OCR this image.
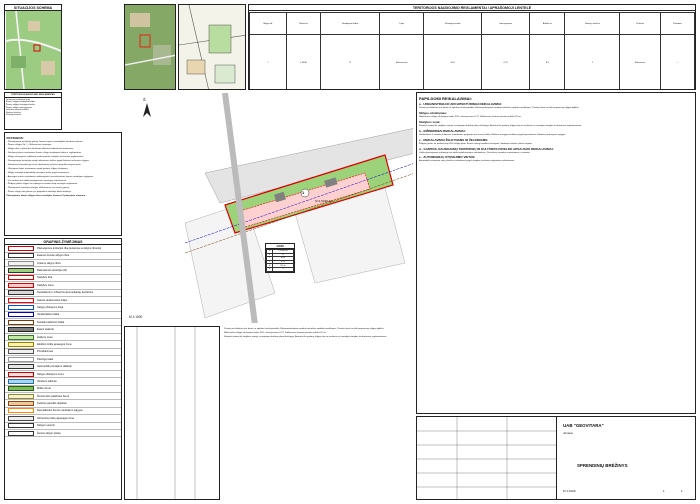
SITUACIJOS SCHEMA
TERITORIJOS NAUDOJIMO REGLAMENTAS
Teritorijos naudojimo tipas
Žemės sklypo naudojimo būdas
Žemės sklypo užstatymo tankis
Žemės sklypo intensyvumas
Leistinas pastatų aukštis
Statinių skaičius
Pastatų paskirtis
PASTABOS:

- Planuojamoje teritorijoje galiojo Jonava rajono savivaldybės bendrasis planas.

- Žemės sklypas Nr. 1 - Rekreacinės teritorijos.

- Sklypo ribos ir plotai bus tikslinami atliekant kadastrinius matavimus.

- Detaliuoju planu nustatomas žemės sklypo naudojimo būdas ir reglamentas.

- Sklypo užstatymas vykdomas vadovaujantis statybos techniniais reglamentais.

- Planuojamoje teritorijoje įrengti inžinerinius tinklus pagal išduotas technines sąlygas.

- Inžinerinių komunikacijų trasos tikslinamos techninio projekto rengimo metu.

- Užstatymo linijos nustatomos pagal gretimų sklypų užstatymą.

- Sklype numatyti automobilių stovėjimo vietas pagal normatyvus.

- Apsaugos zonos nustatomos vadovaujantis specialiosiomis žemės naudojimo sąlygomis.

- Visi statiniai turi atitikti priešgaisrinės apsaugos reikalavimus.

- Želdynų plotas sklype turi sudaryti ne mažiau kaip nustatyta reglamente.

- Planuojamos teritorijos prieigos užtikrinamos nuo esamų gatvių.

- Žemės sklypų ribų planas yra pagrindinis detaliojo plano brėžinys.

Planuojamos žemės sklypo ribos nurodytos Lietuvos Vyriausybės nutarimu.

GRAFINIS ŽYMĖJIMAS
Planuojamos teritorijos riba (sutampa su sklypo ribomis)
Esamos žemės sklypo ribos
Gretimų sklypų ribos
Rekreacinės teritorijos (R)
Statybos riba
Statybos zona
Susisiekimo ir inžinerinių komunikacijų koridorius
Gatvės raudonosios linijos
Sklypų užstatymo linija
Vandentiekio tinklai
Nuotekų šalinimo tinklai
Esami statiniai
Želdynų zona
Elektros tinklų apsaugos zona
Privažiavimas
Pėsčiųjų takai
Automobilių stovėjimo aikštelė
Sklypo užstatymo zona
Vandens telkiniai
Miško žemė
Žemės ūkio paskirties žemė
Kultūros paveldo objektas
Specialiosios žemės naudojimo sąlygos
Inžinerinių tinklų apsaugos zona
Sklypo numeris
Žemės sklypo plotas
TERITORIJOS NAUDOJIMO REGLAMENTAI / APRAŠOMOJI LENTELĖ
Sklypo Nr.	Plotas ha	Naudojimo būdas	Tipas	Užstatymo tankis	Intensyvumas	Aukštis m	Statinių skaičius	Paskirtis	Pastabos
1	1,5436	R	Rekreacinės	50%	0,75	8,5	1	Rekreacinė	—
Š
1
S=1,5436 ha
M 1:1000
1/436
S	1,5436 ha
R	R
T	50%
I	0,75
H	8,5 m
n	1

Pastatų architektūra turi derėti su aplinkos kraštovaizdžiu. Rekomenduojama naudoti natūralias apdailos medžiagas. Pastatų tūriai turi būti proporcingi sklypo dydžiui.

Maksimalus sklypo užstatymo tankis 50%, intensyvumas 0,75. Didžiausias leistinas pastatų aukštis 8,5 m.

Statiniai statomi tik statybos zonoje, nustatytoje detaliojo plano brėžinyje. Atstumai iki gretimų sklypų ribų ne mažesni nei nurodyta statybos techniniuose reglamentuose.

PAPILDOMI REIKALAVIMAI:
a - URBANISTINIAI IR ARCHITEKTŪRINIAI REIKALAVIMAI:

Pastatų architektūra turi derėti su aplinkos kraštovaizdžiu. Rekomenduojama naudoti natūralias apdailos medžiagas. Pastatų tūriai turi būti proporcingi sklypo dydžiui.

Sklypo užstatymas:

Maksimalus sklypo užstatymo tankis 50%, intensyvumas 0,75. Didžiausias leistinas pastatų aukštis 8,5 m.

Statybos zona:

Statiniai statomi tik statybos zonoje, nustatytoje detaliojo plano brėžinyje. Atstumai iki gretimų sklypų ribų ne mažesni nei nurodyta statybos techniniuose reglamentuose.

b - INŽINERINIAI REIKALAVIMAI:

Vandentiekis ir nuotekų šalinimas numatomas jungiantis prie esamų tinklų. Elektros energijos tiekimas pagal operatoriaus išduotas prisijungimo sąlygas.

c - REIKALAVIMAI ŽELDYNAMS IR ŽELDINIAMS:

Želdynų plotas ne mažiau kaip 30% sklypo ploto. Esami vertingi medžiai išsaugomi. Sodinami vietinės rūšies augalai.

d - GAMTOS, NAUDOJAMŲ TERITORIJŲ IR KULTŪROS PAVELDO APSAUGOS REIKALAVIMAI:

Veikla planuojamoje teritorijoje turi atitikti aplinkosaugos reikalavimus. Paviršinės nuotekos surenkamos ir valomos.

e - AUTOMOBILIŲ STOVĖJIMO VIETOS:

Automobilių stovėjimo vietų skaičius nustatomas pagal statybos techninio reglamento reikalavimus.

UAB "GEOVITARA"
Jonava
SPRENDINIŲ BRĖŽINYS
M 1:1000	1	1
